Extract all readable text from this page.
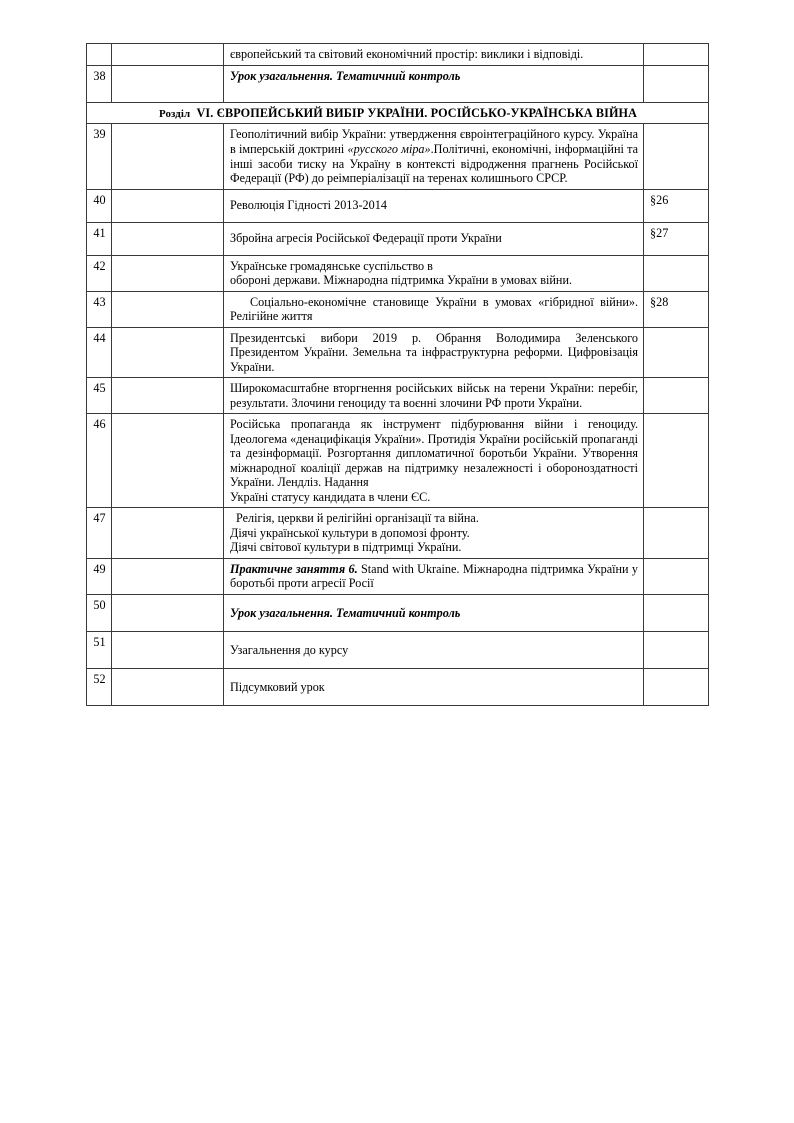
		європейський та світовий економічний простір: виклики і відповіді.	
38		Урок узагальнення. Тематичний контроль	
Розділ VI. ЄВРОПЕЙСЬКИЙ ВИБІР УКРАЇНИ. РОСІЙСЬКО-УКРАЇНСЬКА ВІЙНА			
39		Геополітичний вибір України: утвердження євроінтеграційного курсу. Україна в імперській доктрині «русского міра».Політичні, економічні, інформаційні та інші засоби тиску на Україну в контексті відродження прагнень Російської Федерації (РФ) до реімперіалізації на теренах колишнього СРСР.	
40		Революція Гідності 2013-2014	§26
41		Збройна агресія Російської Федерації проти України	§27
42		Українське громадянське суспільство в
обороні держави. Міжнародна підтримка України в умовах війни.	

43		Соціально-економічне становище України в умовах «гібридної війни». Релігійне життя	§28
44		Президентські вибори 2019 р. Обрання Володимира Зеленського Президентом України. Земельна та інфраструктурна реформи. Цифровізація України.	
45		Широкомасштабне вторгнення російських військ на терени України: перебіг, результати. Злочини геноциду та воєнні злочини РФ проти України.	
46		Російська пропаганда як інструмент підбурювання війни і геноциду. Ідеологема «денацифікація України». Протидія України російській пропаганді та дезінформації. Розгортання дипломатичної боротьби України. Утворення міжнародної коаліції держав на підтримку незалежності і обороноздатності України. Лендліз. Надання
Україні статусу кандидата в члени ЄС.	

47		Релігія, церкви й релігійні організації та війна.
Діячі української культури в допомозі фронту.
Діячі світової культури в підтримці України.	

49		Практичне заняття 6. Stand with Ukraine. Міжнародна підтримка України у боротьбі проти агресії Росії	
50		Урок узагальнення. Тематичний контроль	
51		Узагальнення до курсу	
52		Підсумковий урок	
